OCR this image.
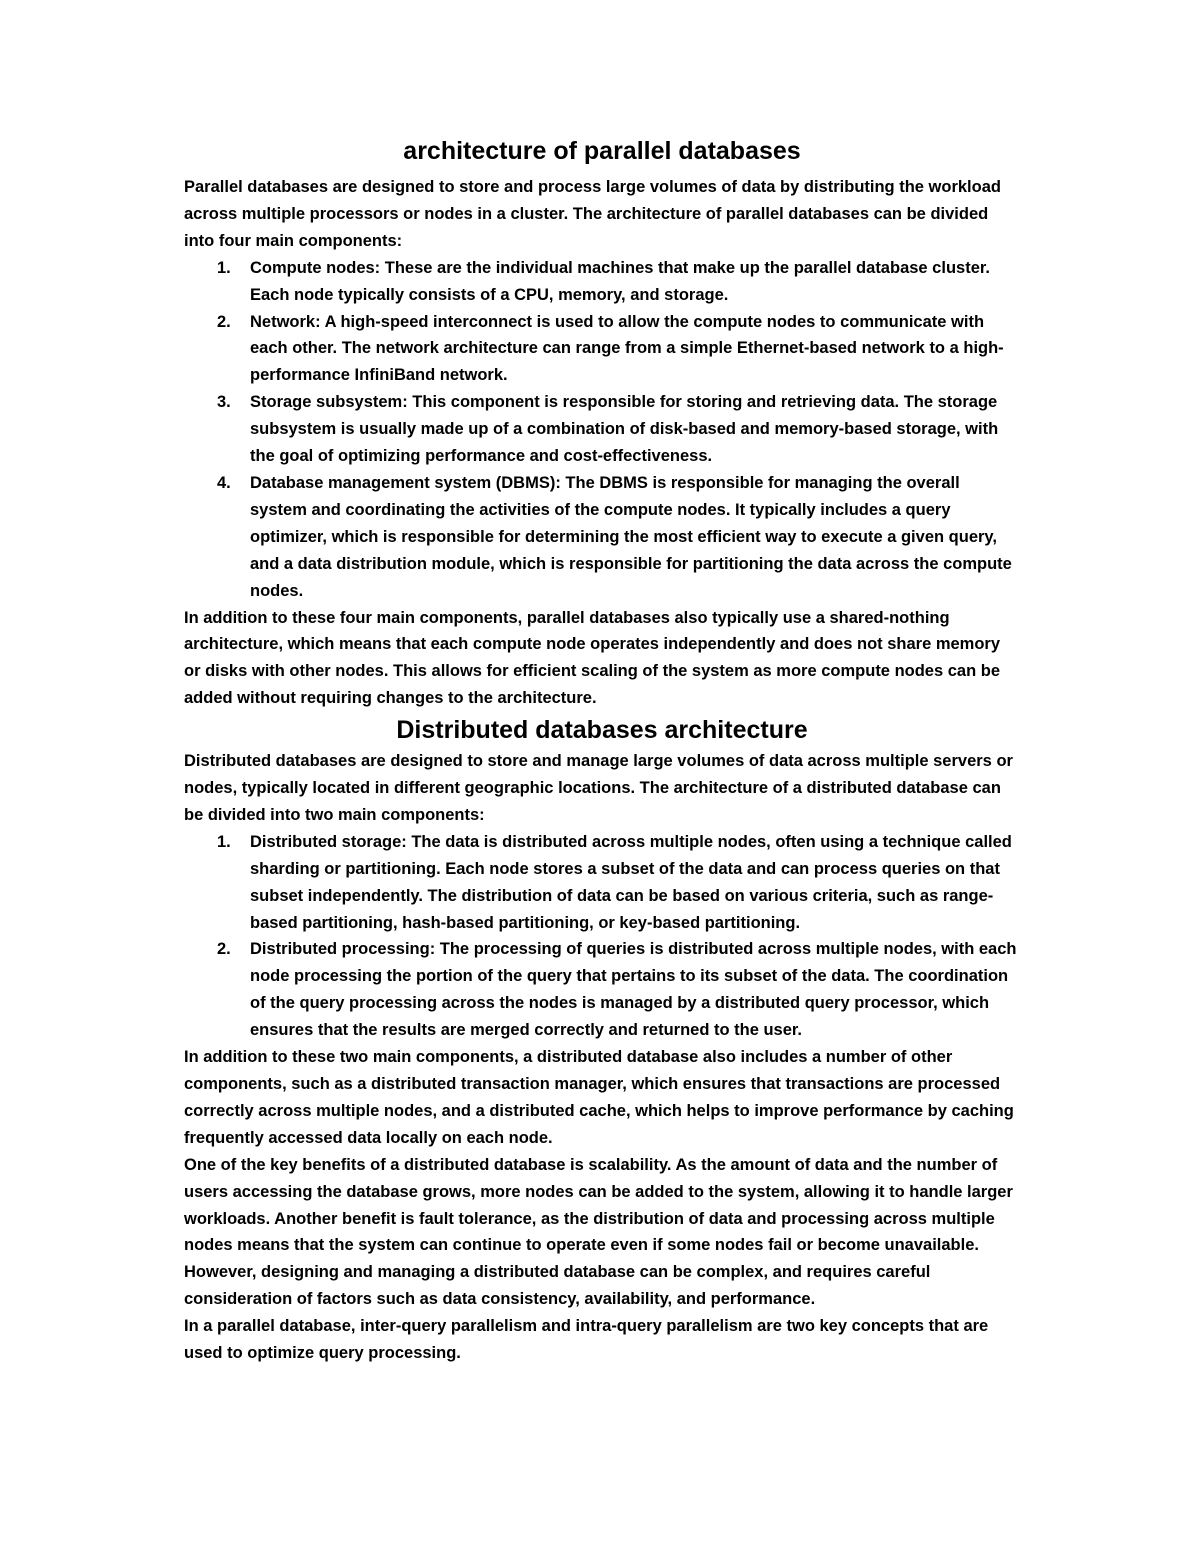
architecture of parallel databases

Parallel databases are designed to store and process large volumes of data by distributing the workload across multiple processors or nodes in a cluster. The architecture of parallel databases can be divided into four main components:

1. Compute nodes: These are the individual machines that make up the parallel database cluster. Each node typically consists of a CPU, memory, and storage.
2. Network: A high-speed interconnect is used to allow the compute nodes to communicate with each other. The network architecture can range from a simple Ethernet-based network to a high-performance InfiniBand network.
3. Storage subsystem: This component is responsible for storing and retrieving data. The storage subsystem is usually made up of a combination of disk-based and memory-based storage, with the goal of optimizing performance and cost-effectiveness.
4. Database management system (DBMS): The DBMS is responsible for managing the overall system and coordinating the activities of the compute nodes. It typically includes a query optimizer, which is responsible for determining the most efficient way to execute a given query, and a data distribution module, which is responsible for partitioning the data across the compute nodes.

In addition to these four main components, parallel databases also typically use a shared-nothing architecture, which means that each compute node operates independently and does not share memory or disks with other nodes. This allows for efficient scaling of the system as more compute nodes can be added without requiring changes to the architecture.

Distributed databases architecture

Distributed databases are designed to store and manage large volumes of data across multiple servers or nodes, typically located in different geographic locations. The architecture of a distributed database can be divided into two main components:

1. Distributed storage: The data is distributed across multiple nodes, often using a technique called sharding or partitioning. Each node stores a subset of the data and can process queries on that subset independently. The distribution of data can be based on various criteria, such as range-based partitioning, hash-based partitioning, or key-based partitioning.
2. Distributed processing: The processing of queries is distributed across multiple nodes, with each node processing the portion of the query that pertains to its subset of the data. The coordination of the query processing across the nodes is managed by a distributed query processor, which ensures that the results are merged correctly and returned to the user.

In addition to these two main components, a distributed database also includes a number of other components, such as a distributed transaction manager, which ensures that transactions are processed correctly across multiple nodes, and a distributed cache, which helps to improve performance by caching frequently accessed data locally on each node.

One of the key benefits of a distributed database is scalability. As the amount of data and the number of users accessing the database grows, more nodes can be added to the system, allowing it to handle larger workloads. Another benefit is fault tolerance, as the distribution of data and processing across multiple nodes means that the system can continue to operate even if some nodes fail or become unavailable. However, designing and managing a distributed database can be complex, and requires careful consideration of factors such as data consistency, availability, and performance.

In a parallel database, inter-query parallelism and intra-query parallelism are two key concepts that are used to optimize query processing.
